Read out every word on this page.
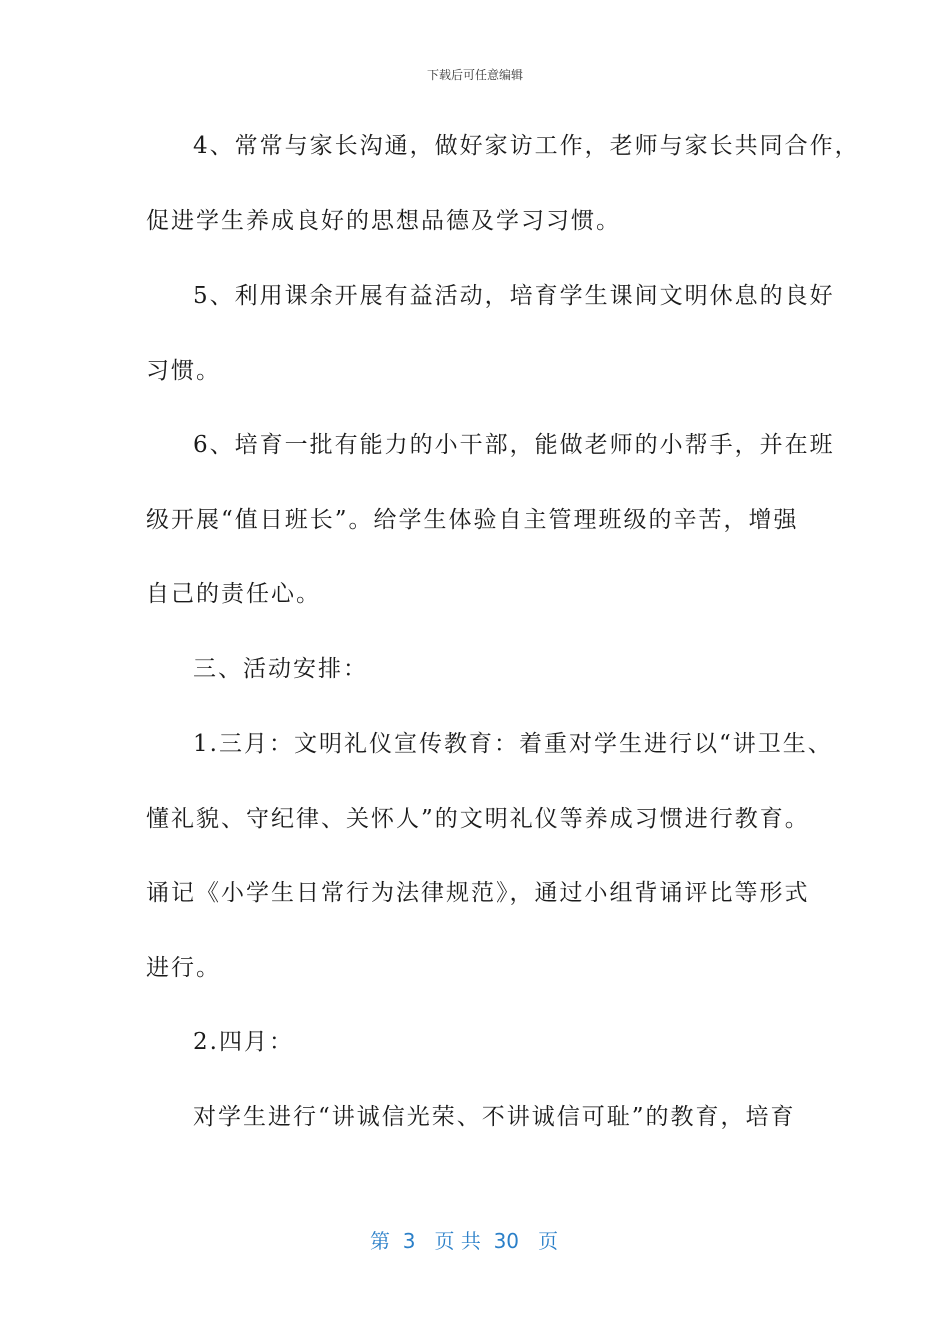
下载后可任意编辑
4、常常与家长沟通，做好家访工作，老师与家长共同合作，
促进学生养成良好的思想品德及学习习惯。
5、利用课余开展有益活动，培育学生课间文明休息的良好
习惯。
6、培育一批有能力的小干部，能做老师的小帮手，并在班
级开展“值日班长”。给学生体验自主管理班级的辛苦，增强
自己的责任心。
三、活动安排：
1.三月：文明礼仪宣传教育：着重对学生进行以“讲卫生、
懂礼貌、守纪律、关怀人”的文明礼仪等养成习惯进行教育。
诵记《小学生日常行为法律规范》，通过小组背诵评比等形式
进行。
2.四月：
对学生进行“讲诚信光荣、不讲诚信可耻”的教育，培育
第  3   页 共  30   页
